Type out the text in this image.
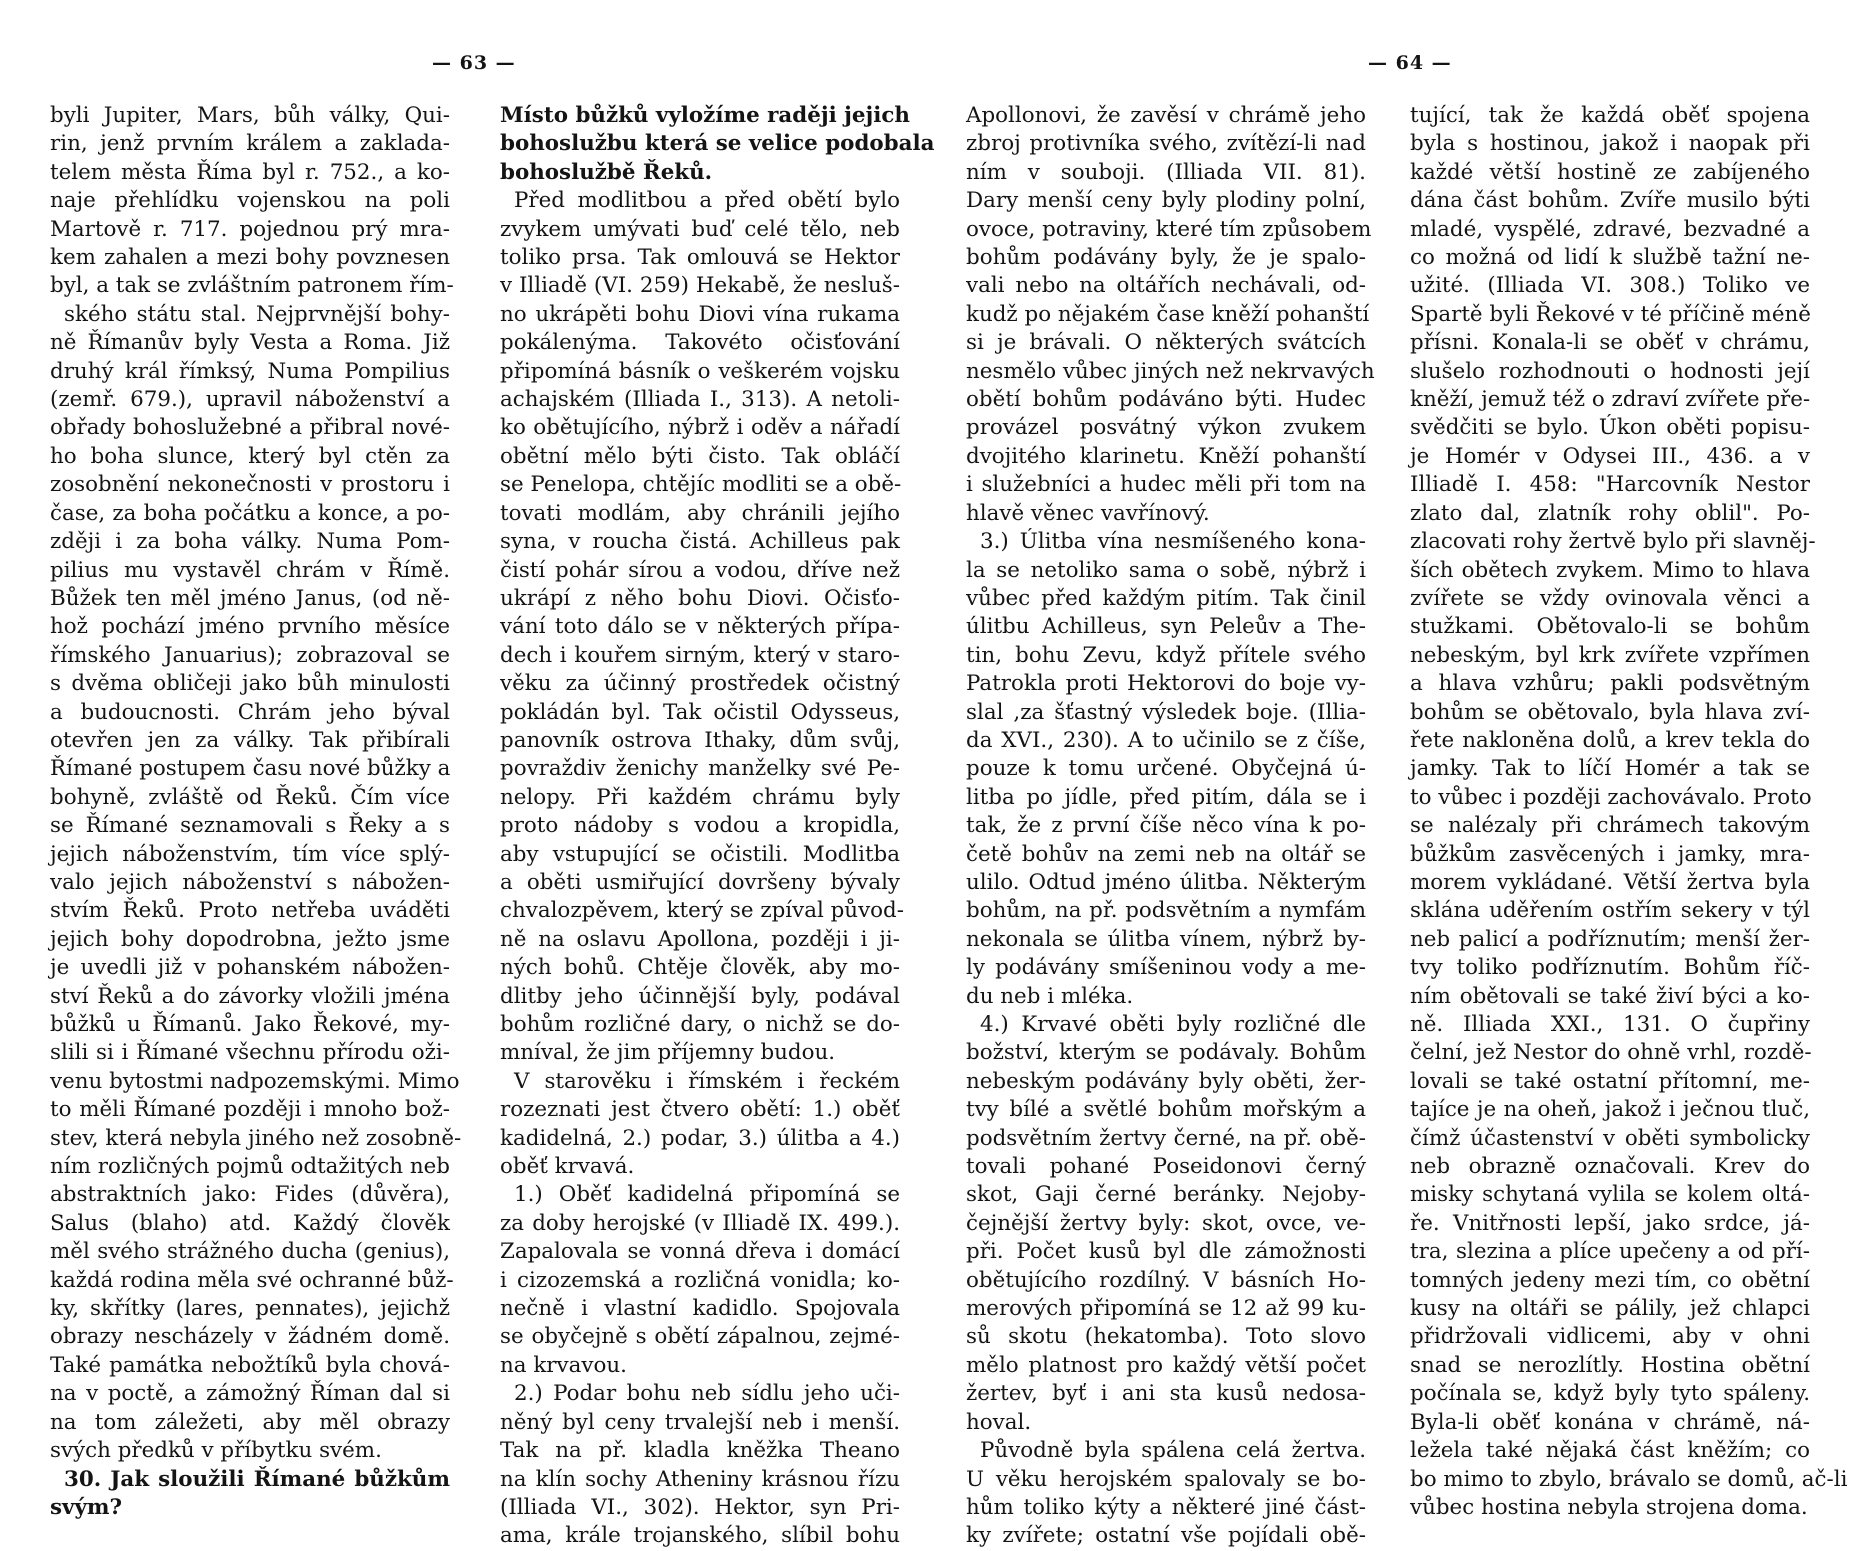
— 63 —
byli Jupiter, Mars, bůh války, Qui-
rin, jenž prvním králem a zaklada-
telem města Říma byl r. 752., a ko-
naje přehlídku vojenskou na poli
Martově r. 717. pojednou prý mra-
kem zahalen a mezi bohy povznesen
byl, a tak se zvláštním patronem řím-
ského státu stal. Nejprvnější bohy-
ně Římanův byly Vesta a Roma. Již
druhý král římksý, Numa Pompilius
(zemř. 679.), upravil náboženství a
obřady bohoslužebné a přibral nové-
ho boha slunce, který byl ctěn za
zosobnění nekonečnosti v prostoru i
čase, za boha počátku a konce, a po-
zději i za boha války. Numa Pom-
pilius mu vystavěl chrám v Římě.
Bůžek ten měl jméno Janus, (od ně-
hož pochází jméno prvního měsíce
římského Januarius); zobrazoval se
s dvěma obličeji jako bůh minulosti
a budoucnosti. Chrám jeho býval
otevřen jen za války. Tak přibírali
Římané postupem času nové bůžky a
bohyně, zvláště od Řeků. Čím více
se Římané seznamovali s Řeky a s
jejich náboženstvím, tím více splý-
valo jejich náboženství s nábožen-
stvím Řeků. Proto netřeba uváděti
jejich bohy dopodrobna, ježto jsme
je uvedli již v pohanském nábožen-
ství Řeků a do závorky vložili jména
bůžků u Římanů. Jako Řekové, my-
slili si i Římané všechnu přírodu oži-
venu bytostmi nadpozemskými. Mimo
to měli Římané později i mnoho bož-
stev, která nebyla jiného než zosobně-
ním rozličných pojmů odtažitých neb
abstraktních jako: Fides (důvěra),
Salus (blaho) atd. Každý člověk
měl svého strážného ducha (genius),
každá rodina měla své ochranné bůž-
ky, skřítky (lares, pennates), jejichž
obrazy nescházely v žádném domě.
Také památka nebožtíků byla chová-
na v poctě, a zámožný Říman dal si
na tom záležeti, aby měl obrazy
svých předků v příbytku svém.
30. Jak sloužili Římané bůžkům
svým?
Místo bůžků vyložíme raději jejich
bohoslužbu která se velice podobala
bohoslužbě Řeků.
Před modlitbou a před obětí bylo
zvykem umývati buď celé tělo, neb
toliko prsa. Tak omlouvá se Hektor
v Illiadě (VI. 259) Hekabě, že nesluš-
no ukrápěti bohu Diovi vína rukama
pokálenýma. Takovéto očisťování
připomíná básník o veškerém vojsku
achajském (Illiada I., 313). A netoli-
ko obětujícího, nýbrž i oděv a nářadí
obětní mělo býti čisto. Tak obláčí
se Penelopa, chtějíc modliti se a obě-
tovati modlám, aby chránili jejího
syna, v roucha čistá. Achilleus pak
čistí pohár sírou a vodou, dříve než
ukrápí z něho bohu Diovi. Očisťo-
vání toto dálo se v některých přípa-
dech i kouřem sirným, který v staro-
věku za účinný prostředek očistný
pokládán byl. Tak očistil Odysseus,
panovník ostrova Ithaky, dům svůj,
povraždiv ženichy manželky své Pe-
nelopy. Při každém chrámu byly
proto nádoby s vodou a kropidla,
aby vstupující se očistili. Modlitba
a oběti usmiřující dovršeny bývaly
chvalozpěvem, který se zpíval původ-
ně na oslavu Apollona, později i ji-
ných bohů. Chtěje člověk, aby mo-
dlitby jeho účinnější byly, podával
bohům rozličné dary, o nichž se do-
mníval, že jim příjemny budou.
V starověku i římském i řeckém
rozeznati jest čtvero obětí: 1.) oběť
kadidelná, 2.) podar, 3.) úlitba a 4.)
oběť krvavá.
1.) Oběť kadidelná připomíná se
za doby herojské (v Illiadě IX. 499.).
Zapalovala se vonná dřeva i domácí
i cizozemská a rozličná vonidla; ko-
nečně i vlastní kadidlo. Spojovala
se obyčejně s obětí zápalnou, zejmé-
na krvavou.
2.) Podar bohu neb sídlu jeho uči-
něný byl ceny trvalejší neb i menší.
Tak na př. kladla kněžka Theano
na klín sochy Atheniny krásnou řízu
(Illiada VI., 302). Hektor, syn Pri-
ama, krále trojanského, slíbil bohu
— 64 —
Apollonovi, že zavěsí v chrámě jeho
zbroj protivníka svého, zvítězí-li nad
ním v souboji. (Illiada VII. 81).
Dary menší ceny byly plodiny polní,
ovoce, potraviny, které tím způsobem
bohům podávány byly, že je spalo-
vali nebo na oltářích nechávali, od-
kudž po nějakém čase kněží pohanští
si je brávali. O některých svátcích
nesmělo vůbec jiných než nekrvavých
obětí bohům podáváno býti. Hudec
provázel posvátný výkon zvukem
dvojitého klarinetu. Kněží pohanští
i služebníci a hudec měli při tom na
hlavě věnec vavřínový.
3.) Úlitba vína nesmíšeného kona-
la se netoliko sama o sobě, nýbrž i
vůbec před každým pitím. Tak činil
úlitbu Achilleus, syn Peleův a The-
tin, bohu Zevu, když přítele svého
Patrokla proti Hektorovi do boje vy-
slal ,za šťastný výsledek boje. (Illia-
da XVI., 230). A to učinilo se z číše,
pouze k tomu určené. Obyčejná ú-
litba po jídle, před pitím, dála se i
tak, že z první číše něco vína k po-
četě bohův na zemi neb na oltář se
ulilo. Odtud jméno úlitba. Některým
bohům, na př. podsvětním a nymfám
nekonala se úlitba vínem, nýbrž by-
ly podávány smíšeninou vody a me-
du neb i mléka.
4.) Krvavé oběti byly rozličné dle
božství, kterým se podávaly. Bohům
nebeským podávány byly oběti, žer-
tvy bílé a světlé bohům mořským a
podsvětním žertvy černé, na př. obě-
tovali pohané Poseidonovi černý
skot, Gaji černé beránky. Nejoby-
čejnější žertvy byly: skot, ovce, ve-
při. Počet kusů byl dle zámožnosti
obětujícího rozdílný. V básních Ho-
merových připomíná se 12 až 99 ku-
sů skotu (hekatomba). Toto slovo
mělo platnost pro každý větší počet
žertev, byť i ani sta kusů nedosa-
hoval.
Původně byla spálena celá žertva.
U věku herojském spalovaly se bo-
hům toliko kýty a některé jiné část-
ky zvířete; ostatní vše pojídali obě-
tující, tak že každá oběť spojena
byla s hostinou, jakož i naopak při
každé větší hostině ze zabíjeného
dána část bohům. Zvíře musilo býti
mladé, vyspělé, zdravé, bezvadné a
co možná od lidí k službě tažní ne-
užité. (Illiada VI. 308.) Toliko ve
Spartě byli Řekové v té příčině méně
přísni. Konala-li se oběť v chrámu,
slušelo rozhodnouti o hodnosti její
kněží, jemuž též o zdraví zvířete pře-
svědčiti se bylo. Úkon oběti popisu-
je Homér v Odysei III., 436. a v
Illiadě I. 458: "Harcovník Nestor
zlato dal, zlatník rohy oblil". Po-
zlacovati rohy žertvě bylo při slavněj-
ších obětech zvykem. Mimo to hlava
zvířete se vždy ovinovala věnci a
stužkami. Obětovalo-li se bohům
nebeským, byl krk zvířete vzpřímen
a hlava vzhůru; pakli podsvětným
bohům se obětovalo, byla hlava zví-
řete nakloněna dolů, a krev tekla do
jamky. Tak to líčí Homér a tak se
to vůbec i později zachovávalo. Proto
se nalézaly při chrámech takovým
bůžkům zasvěcených i jamky, mra-
morem vykládané. Větší žertva byla
sklána uděřením ostřím sekery v týl
neb palicí a podříznutím; menší žer-
tvy toliko podříznutím. Bohům říč-
ním obětovali se také živí býci a ko-
ně. Illiada XXI., 131. O čupřiny
čelní, jež Nestor do ohně vrhl, rozdě-
lovali se také ostatní přítomní, me-
tajíce je na oheň, jakož i ječnou tluč,
čímž účastenství v oběti symbolicky
neb obrazně označovali. Krev do
misky schytaná vylila se kolem oltá-
ře. Vnitřnosti lepší, jako srdce, já-
tra, slezina a plíce upečeny a od pří-
tomných jedeny mezi tím, co obětní
kusy na oltáři se pálily, jež chlapci
přidržovali vidlicemi, aby v ohni
snad se nerozlítly. Hostina obětní
počínala se, když byly tyto spáleny.
Byla-li oběť konána v chrámě, ná-
ležela také nějaká část kněžím; co
bo mimo to zbylo, brávalo se domů, ač-li
vůbec hostina nebyla strojena doma.
